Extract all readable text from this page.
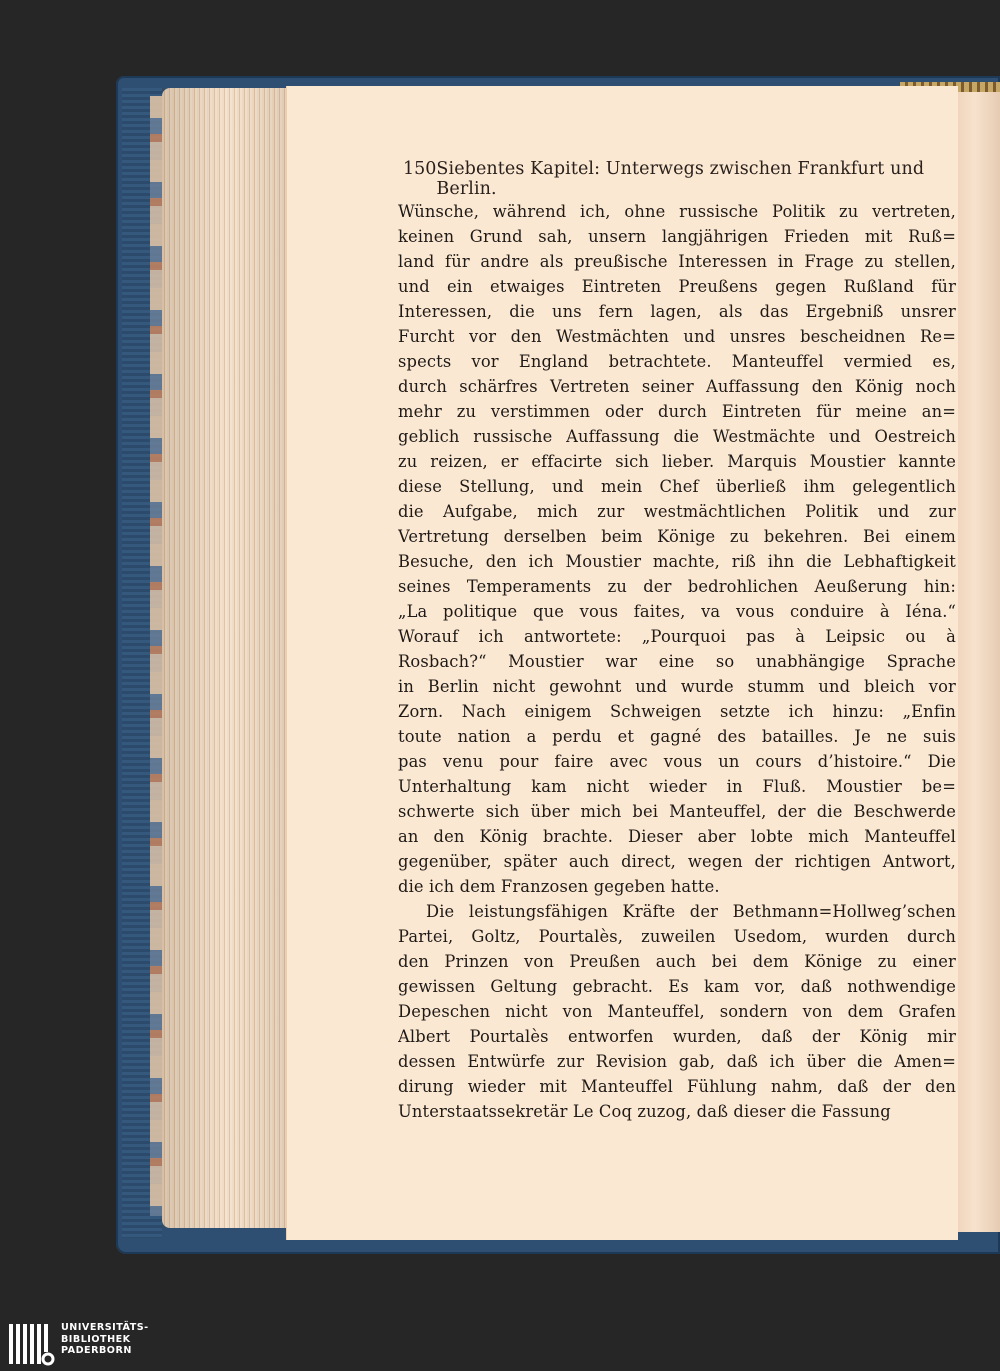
150 Siebentes Kapitel: Unterwegs zwischen Frankfurt und Berlin.
Wünsche, während ich, ohne russische Politik zu vertreten,
keinen Grund sah, unsern langjährigen Frieden mit Ruß=
land für andre als preußische Interessen in Frage zu stellen,
und ein etwaiges Eintreten Preußens gegen Rußland für
Interessen, die uns fern lagen, als das Ergebniß unsrer
Furcht vor den Westmächten und unsres bescheidnen Re=
spects vor England betrachtete. Manteuffel vermied es,
durch schärfres Vertreten seiner Auffassung den König noch
mehr zu verstimmen oder durch Eintreten für meine an=
geblich russische Auffassung die Westmächte und Oestreich
zu reizen, er effacirte sich lieber. Marquis Moustier kannte
diese Stellung, und mein Chef überließ ihm gelegentlich
die Aufgabe, mich zur westmächtlichen Politik und zur
Vertretung derselben beim Könige zu bekehren. Bei einem
Besuche, den ich Moustier machte, riß ihn die Lebhaftigkeit
seines Temperaments zu der bedrohlichen Aeußerung hin:
„La politique que vous faites, va vous conduire à Iéna.“
Worauf ich antwortete: „Pourquoi pas à Leipsic ou à
Rosbach?“ Moustier war eine so unabhängige Sprache
in Berlin nicht gewohnt und wurde stumm und bleich vor
Zorn. Nach einigem Schweigen setzte ich hinzu: „Enfin
toute nation a perdu et gagné des batailles. Je ne suis
pas venu pour faire avec vous un cours d’histoire.“ Die
Unterhaltung kam nicht wieder in Fluß. Moustier be=
schwerte sich über mich bei Manteuffel, der die Beschwerde
an den König brachte. Dieser aber lobte mich Manteuffel
gegenüber, später auch direct, wegen der richtigen Antwort,
die ich dem Franzosen gegeben hatte.
Die leistungsfähigen Kräfte der Bethmann=Hollweg’schen
Partei, Goltz, Pourtalès, zuweilen Usedom, wurden durch
den Prinzen von Preußen auch bei dem Könige zu einer
gewissen Geltung gebracht. Es kam vor, daß nothwendige
Depeschen nicht von Manteuffel, sondern von dem Grafen
Albert Pourtalès entworfen wurden, daß der König mir
dessen Entwürfe zur Revision gab, daß ich über die Amen=
dirung wieder mit Manteuffel Fühlung nahm, daß der den
Unterstaatssekretär Le Coq zuzog, daß dieser die Fassung
UNIVERSITÄTS-
BIBLIOTHEK
PADERBORN
